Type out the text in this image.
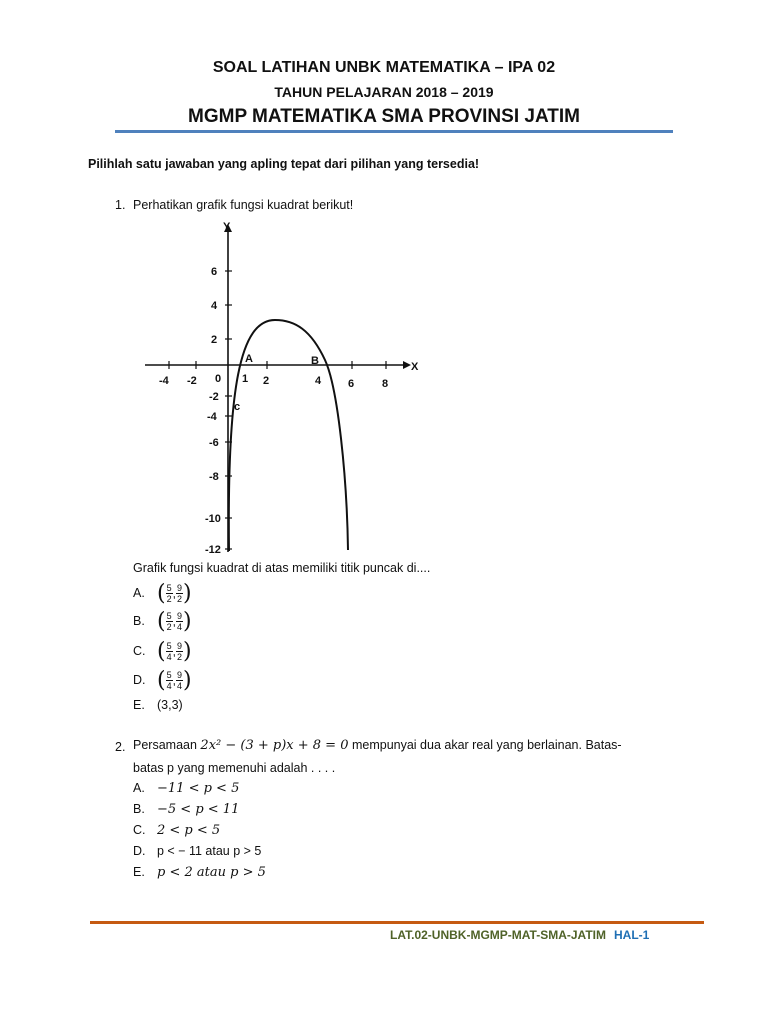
SOAL LATIHAN UNBK MATEMATIKA – IPA 02
TAHUN PELAJARAN 2018 – 2019
MGMP MATEMATIKA SMA PROVINSI JATIM
Pilihlah satu jawaban yang apling tepat dari pilihan yang tersedia!
1. Perhatikan grafik fungsi kuadrat berikut!
Y
X
6
4
2
-2
-4
-6
-8
-10
-12
-4 -2 0 1 2	4 6	8
A	B
c
Grafik fungsi kuadrat di atas memiliki titik puncak di....
A. ( $\frac{5}{2}$ , $\frac{9}{2}$ )
B. ( $\frac{5}{2}$ , $\frac{9}{4}$ )
C. ( $\frac{5}{4}$ , $\frac{9}{2}$ )
D. ( $\frac{5}{4}$ , $\frac{9}{4}$ )
E. (3,3)
2. Persamaan 2x² − (3 + p)x + 8 = 0 mempunyai dua akar real yang berlainan. Batas-
batas p yang memenuhi adalah . . . .
A. −11 < p < 5
B. −5 < p < 11
C. 2 < p < 5
D. p < − 11 atau p > 5
E. p < 2 atau p > 5
LAT.02-UNBK-MGMP-MAT-SMA-JATIM HAL-1
